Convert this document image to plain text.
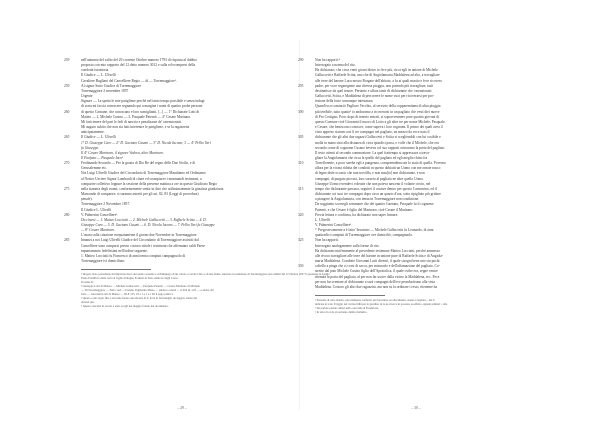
259	nell'autunno del salito del 20 corrente Ottobre numero 1793 di risposta al dubbio
proposto con mio rapporto del 12 detto numero 3012 e sulla ed ecompresi della
condotta istruttoria.
Il Giudice — L. Ulivelli
Cavaliere Bugliani del Cancelliere Regio — di — Torremaggiore¹.
259	Al signor Sotto Giudice di Torremaggiore
Torremaggiore 2 novembre 1857
Urgente
Signore — La spetta le mie parigliene perché nel tanto tempo possibile e senza indugi
di sorta mi faccia conoscere segnando qui a margine i nomi di quattro probe persone
260	di questo Comune, che conoscano e loro somiglianti. [...] — 1° Dichiarate Lotti di
Matteo — 2. Michele Cusino — 3. Pasquale Paternò — 4° Cesare Marinaro.
Mi farà tenere del pari le fedi di nascita e penalizzate de' ostensionisti.
Mi auguro subito che non sia fatti interenire le parigliene, e se la ragazzetta
anticipatamente.
265	Il Giudice — L. Ulivelli
1° D. Giuseppe Caro — 2° D. Gaetano Cusani — 3° D. Nicola Iacono; 3 — 4° Pellio Varì
fu Giuseppe.
Il 4° Cesare Marinaro, il signore Vedova, altro Marinaro.
Il Fanfano — Pasquale Iaco²
270	Ferdinando Secondo — Per la grazia di Dio Re del regno delle Due Sicilie, e di
Gerusalemme etc.
Noi Luigi Ulivelli Giudice del Circondario di Torremaggiore Mandiamo ed Ordiniamo
al Nostro Usciere Signor Lombardi di citare ed scompiacer i nominandi testimoni, a
comparire collettivo loppure la sessione della presente mattina a ore in questo Giudicato Regio
275	nella stamera degli esami, conformemente sentir in dirò che utilissimamente la giustizia giudiziaria
Mancando di comparire, si saranno astretti per gli art. 82, 83 (Leggi di procedura)
penale).
Torremaggiore 2 Novembre 1857.
Il Giudice L. Ulivelli
280	V. Palmerini Cancelliere³.
Da citarsi — 1. Matteo Locciatti — 2. Michele Galluccetti — 3. Raffaele Scitta — 4. D.
Giuseppe Caro — 5. D. Gaetano Cusani — 6. D. Nicola Iacono — 7. Pellio Varì fu Giuseppe
— 8° Cesare Marinaro.
L'usura sulla citazione esequatamente il giorno due Novembre in Torremaggiore.
285	Innanzi a noi Luigi Ulivelli Giudice del Circondario di Torremaggiore assistiti dal
Cancelliere sono comparsi presso costoro sittole i testimoni che affermano caldi Paese
inpuntamento fedelissimi nell'ordine seguente.
1. Matteo Locciatti fu Francesco di anni trenta compiuti campagnuolo di
Torremaggiore ivi domiciliato.
¹ Doppio visto precedente mi impronta mora del quarto sonante e vell'impiego di un cobolo a verde è dato e di una firma, annotato in testimone di Torremaggiore nel cambia del 12 Ottobre 1857 la presenza in fogilio
Piano Pontificio della carta al foglio di Regno Formati di Stato dalle tre degli Corso.
Il nome di:
² Giuseppe Lotti di Matteo — Michele Galluccetti — Pasquale Paternò — Cesare Marinaro di Michele
— Di Torremaggiore — Ferio varî — Erasmo Pagliarulo Meste — sindaco a metà — il dirà di, al fl — e anche dal
forte — Giovanni Lotti di Matteo — Di.E 125, 10 e 1 e 1 e 1 Di il pago primo a
³ Quarto e uno siglo fine e siccome ferano una mostra di lo forte in fatti meglio un leggero stante dei
decessi più.
⁴ Questo cancelle in rovelo e stato scogli nei maggio fotuito del documento.
– 29 –
290	Non ha rapporti.⁴
Interrogato a norma del rito.
Ha dichiarato, che circa venti giorni dietro io fece più, circa egli in unione di Michele
Galluccetti e Raffaele Scitta, uno che di Angiolamaria Maddalena ad alto, a travagliare
alle terre del barone Luca nostro Borgate dell'abitato, a fu ai quali marito e fece ricovero
295	padre, per voce segaregente una diversa pioggia, non potendo più travagliare, tutti
destinatisce da quel tenore. Pertanto e allora tante di dichiarante che i menzionati
Galluccetti, Scitta, e Maddalena di percorrere le nome vuoi per ricoverarsi per pro-
tezione della forte comunque intestatara.
Quand'ecca cominciò Pagliaro Vecchio, al servizio della copparemitana di altra pioggia
300	più terribile, tutto quatto¹ io andavamo a ricoverarsi in un pagliaio che vestì diei nuove
di Pro Cortigno. Poco dopo di tenerio entrati, si sopravvennero pure quattro giovani di
questo Comune cioè Giovanni il nuovo di Lotto a gli altre tre per nome Michele, Pasquale,
e Cesare, che beniscono conoscer, come sapeva i loro cognomi. Il primo dei quali avea il
visto appreso sixtum cosi li tre compagni nel pagliaio, un mezzo da voce nato il
305	dichiarante che gli altri due ragazzi Galluccetti e Scitta si scegliendoli con lui cosibile e
molla in mano sino alla distanza di circa quindici passi, e volle che il Michele, che era
secondo come di cognome Cusano beveva col suo rapporti orinavano la porta del pagliaio.
Il testo ottenti al secondo commozione. La quel frattempo si appressava a trava-
gliare la Angiolamaria che circa la quello del pagliaio ed egli meglio chino fra
310	Torreflorente, a poco sarebe egli a pungenza, cornpreendenscate lo stato di quella. Poverna
allora per la vicina ridotta dei condotti in questo abbiatti un Uomo con me ornate nasco
di legno dette occasio che non trovâllo, e non mas[ta] non dichiarante, e non
compagni, di purgato piovasi, loro sorsero al pagliaio ne altre quello Uomo.
Giuseppe Uomo rivendevi voleatte che non poteva nasceno il volante ciecto, nel
315	tempo che dichiarante passava, seguirei il coraser dentro per questo Carmosino, ed il
dichiarante coi suoi tre compagni dopo circa un quarto d'ora, sotto ripigliato più gridare
a piangere la Angiolamaria, con tenua in Torremaggiore non condizione.
Da soggiunto scorsegli sommatre che dei quattro Gaetano, Pasquale fu il cognome
Paternò, e che Cesare è figlio del Marinaro, cioè Cesare il Marinaro.
320	Previa lettura e confirma, ha dichiarato non saper firmare.
L. Ulivelli
V. Palmerini Cancelliere¹.
²º Pregossivamente a è fatto' Invariato — Michele Galluccetti fu Leonardo, di anni
quattordici compiuti di Torremaggiore ove domiciliò, campagnuolo.
325	Non ha rapporti.
Interrogato analogamente sulla forme di rito.
Ha dichiarato nuti'emmente al precedente testimone Matteo Locciatti, perché ammesso
alle rivoco travagliare alle terre del barone in unione pure di Raffaele Scitta e di Angiola-
maria Maddalena. Condotte Giovanni Lotti diventi, il quale sisogni bene uno sin pochi
330	coltello a pinga che ci corsi di sacca, per misurarlo e dell'affamazione del pagliaio. Co-
stretto dal paio Michele Cusino figlio dell'Apostolica, il quale ovthe era, seppe venire
ritenuta la porta del pagliaio, al per non far uscire dalla vicino la Maddalena, ecc. Fece
per non far sventare al dichiarante a suoi compagni dell'ove pronductismo alla vista
Maddalena. Costoro gli altri due ragazzini, ma non su la ordinare i resto, ritenente ha
¹ Presente di tolto ziando, retrostamente conferito del forestiere recollecimente, stante a ripplano - dei 6
indicate le lotto Il riggio nel cucina lidhi per le garulino in le ne ricerca in possono su effetto, uguale primari = alle
² Da parlare piasato aliteri nello oncordia al Fonderone.
³ In saica in cola si pertonno delitto maldetto.
– 30 –
